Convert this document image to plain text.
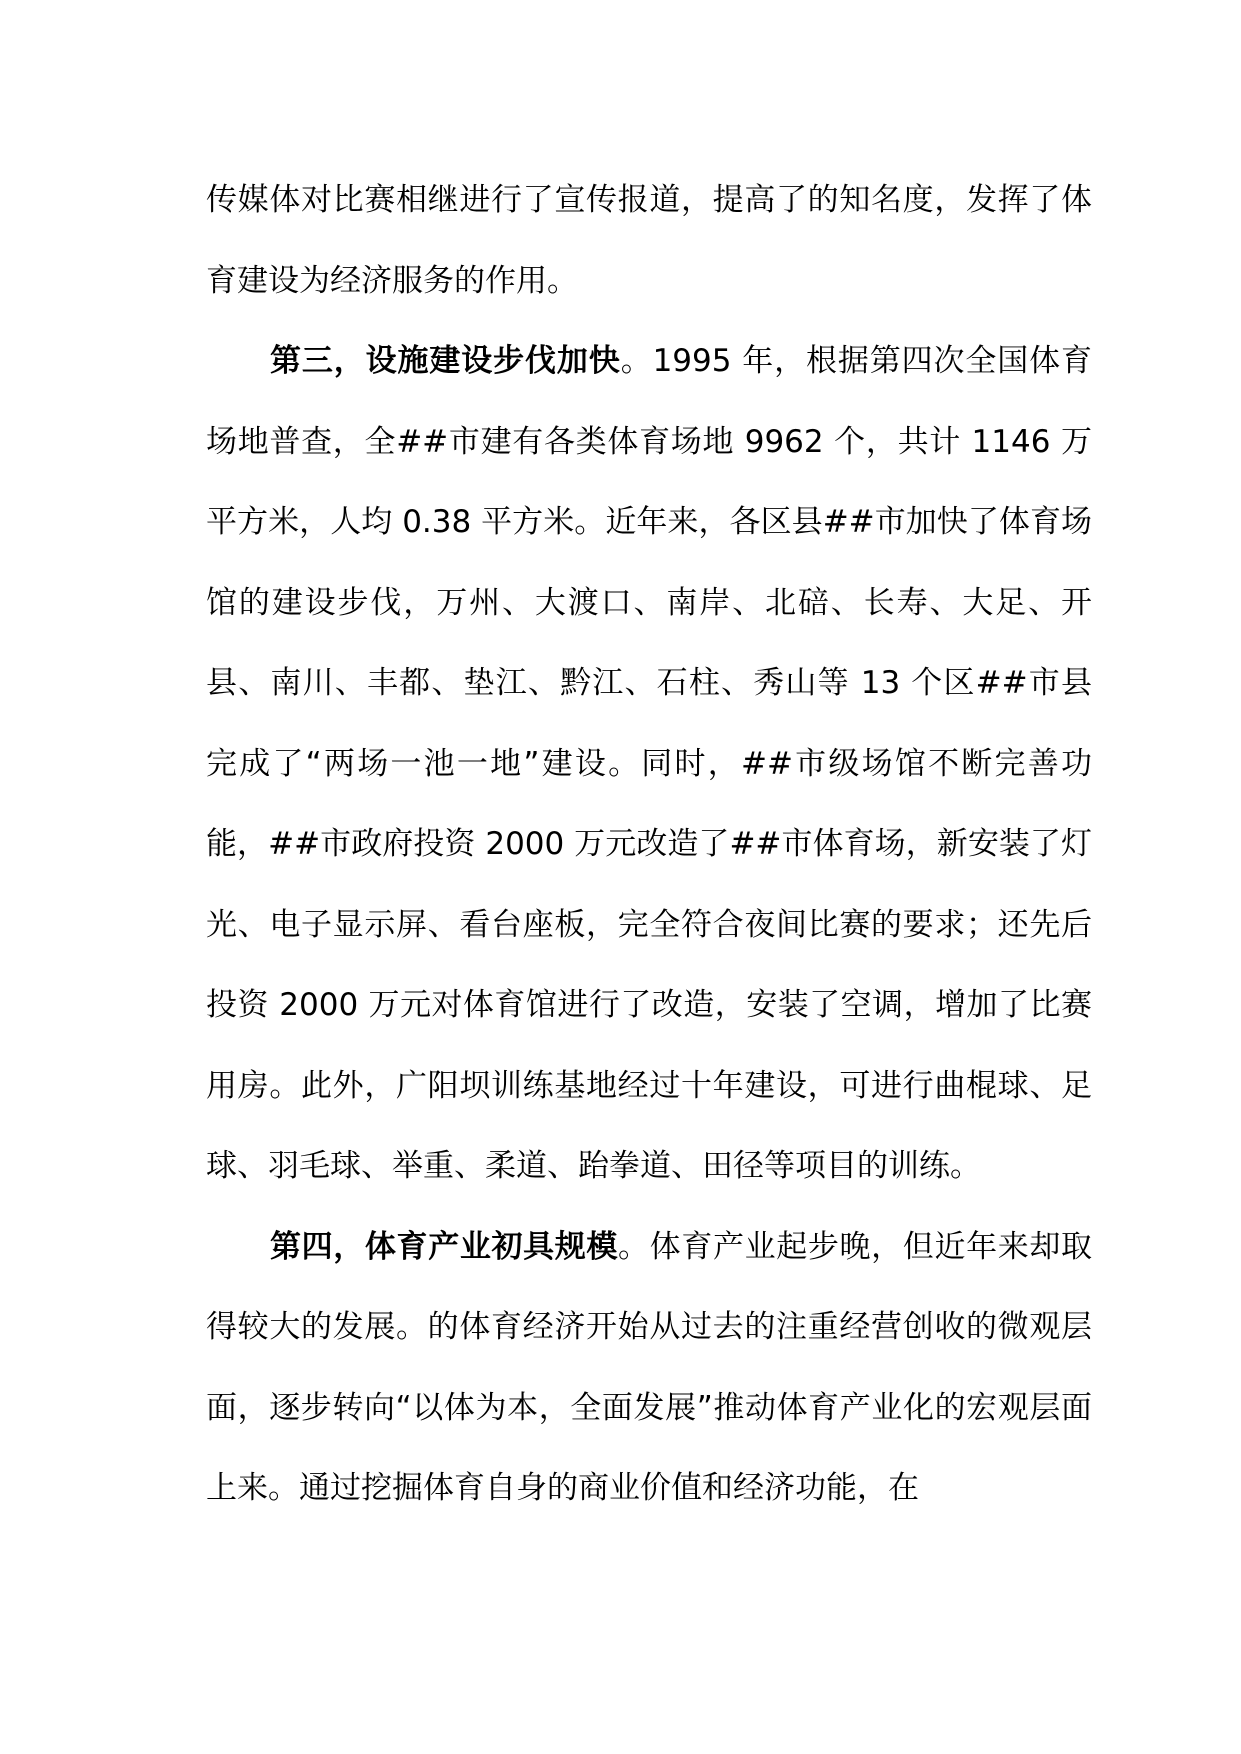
传媒体对比赛相继进行了宣传报道，提高了的知名度，发挥了体育建设为经济服务的作用。

第三，设施建设步伐加快。1995 年，根据第四次全国体育场地普查，全##市建有各类体育场地 9962 个，共计 1146 万平方米，人均 0.38 平方米。近年来，各区县##市加快了体育场馆的建设步伐，万州、大渡口、南岸、北碚、长寿、大足、开县、南川、丰都、垫江、黔江、石柱、秀山等 13 个区##市县完成了“两场一池一地”建设。同时，##市级场馆不断完善功能，##市政府投资 2000 万元改造了##市体育场，新安装了灯光、电子显示屏、看台座板，完全符合夜间比赛的要求；还先后投资 2000 万元对体育馆进行了改造，安装了空调，增加了比赛用房。此外，广阳坝训练基地经过十年建设，可进行曲棍球、足球、羽毛球、举重、柔道、跆拳道、田径等项目的训练。

第四，体育产业初具规模。体育产业起步晚，但近年来却取得较大的发展。的体育经济开始从过去的注重经营创收的微观层面，逐步转向“以体为本，全面发展”推动体育产业化的宏观层面上来。通过挖掘体育自身的商业价值和经济功能，在
